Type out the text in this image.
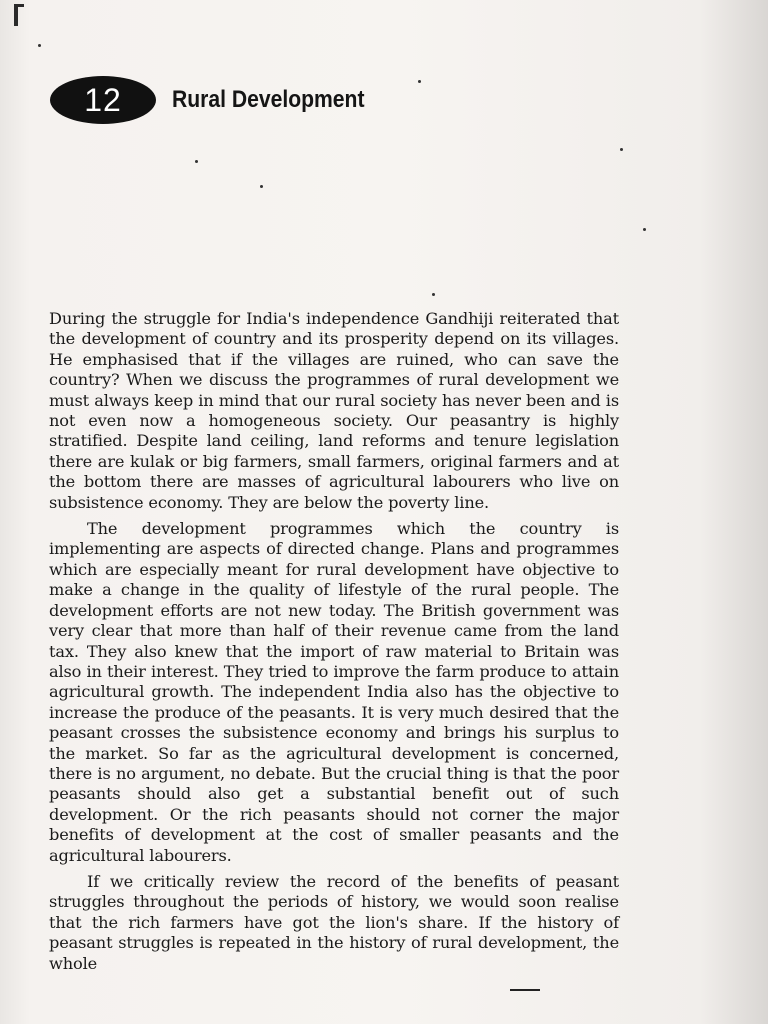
12	Rural Development

During the struggle for India's independence Gandhiji reiterated that the development of country and its prosperity depend on its villages. He emphasised that if the villages are ruined, who can save the country? When we discuss the programmes of rural development we must always keep in mind that our rural society has never been and is not even now a homogeneous society. Our peasantry is highly stratified. Despite land ceiling, land reforms and tenure legislation there are kulak or big farmers, small farmers, original farmers and at the bottom there are masses of agricultural labourers who live on subsistence economy. They are below the poverty line.

The development programmes which the country is implementing are aspects of directed change. Plans and programmes which are especially meant for rural development have objective to make a change in the quality of lifestyle of the rural people. The development efforts are not new today. The British government was very clear that more than half of their revenue came from the land tax. They also knew that the import of raw material to Britain was also in their interest. They tried to improve the farm produce to attain agricultural growth. The independent India also has the objective to increase the produce of the peasants. It is very much desired that the peasant crosses the subsistence economy and brings his surplus to the market. So far as the agricultural development is concerned, there is no argument, no debate. But the crucial thing is that the poor peasants should also get a substantial benefit out of such development. Or the rich peasants should not corner the major benefits of development at the cost of smaller peasants and the agricultural labourers.

If we critically review the record of the benefits of peasant struggles throughout the periods of history, we would soon realise that the rich farmers have got the lion's share. If the history of peasant struggles is repeated in the history of rural development, the whole
